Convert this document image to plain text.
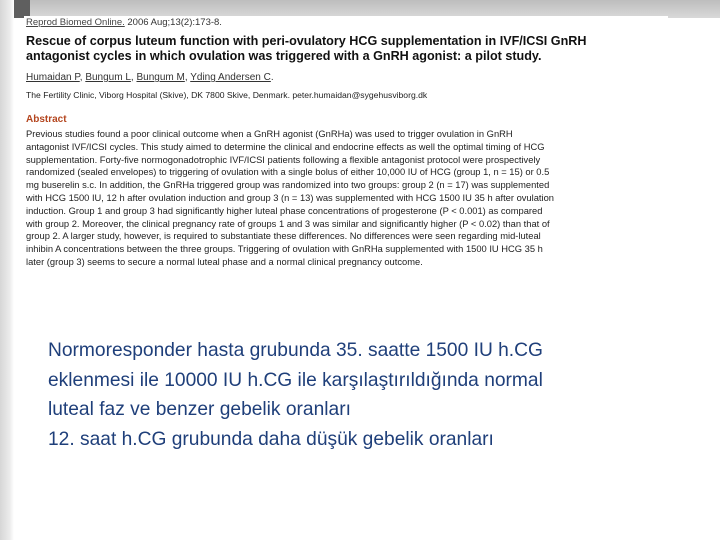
Reprod Biomed Online. 2006 Aug;13(2):173-8.
Rescue of corpus luteum function with peri-ovulatory HCG supplementation in IVF/ICSI GnRH
antagonist cycles in which ovulation was triggered with a GnRH agonist: a pilot study.
Humaidan P, Bungum L, Bungum M, Yding Andersen C.
The Fertility Clinic, Viborg Hospital (Skive), DK 7800 Skive, Denmark. peter.humaidan@sygehusviborg.dk
Abstract
Previous studies found a poor clinical outcome when a GnRH agonist (GnRHa) was used to trigger ovulation in GnRH
antagonist IVF/ICSI cycles. This study aimed to determine the clinical and endocrine effects as well the optimal timing of HCG
supplementation. Forty-five normogonadotrophic IVF/ICSI patients following a flexible antagonist protocol were prospectively
randomized (sealed envelopes) to triggering of ovulation with a single bolus of either 10,000 IU of HCG (group 1, n = 15) or 0.5
mg buserelin s.c. In addition, the GnRHa triggered group was randomized into two groups: group 2 (n = 17) was supplemented
with HCG 1500 IU, 12 h after ovulation induction and group 3 (n = 13) was supplemented with HCG 1500 IU 35 h after ovulation
induction. Group 1 and group 3 had significantly higher luteal phase concentrations of progesterone (P < 0.001) as compared
with group 2. Moreover, the clinical pregnancy rate of groups 1 and 3 was similar and significantly higher (P < 0.02) than that of
group 2. A larger study, however, is required to substantiate these differences. No differences were seen regarding mid-luteal
inhibin A concentrations between the three groups. Triggering of ovulation with GnRHa supplemented with 1500 IU HCG 35 h
later (group 3) seems to secure a normal luteal phase and a normal clinical pregnancy outcome.
Normoresponder hasta grubunda 35. saatte 1500 IU h.CG
eklenmesi ile 10000 IU h.CG ile karşılaştırıldığında normal
luteal faz ve benzer gebelik oranları
12. saat h.CG grubunda daha düşük gebelik oranları
